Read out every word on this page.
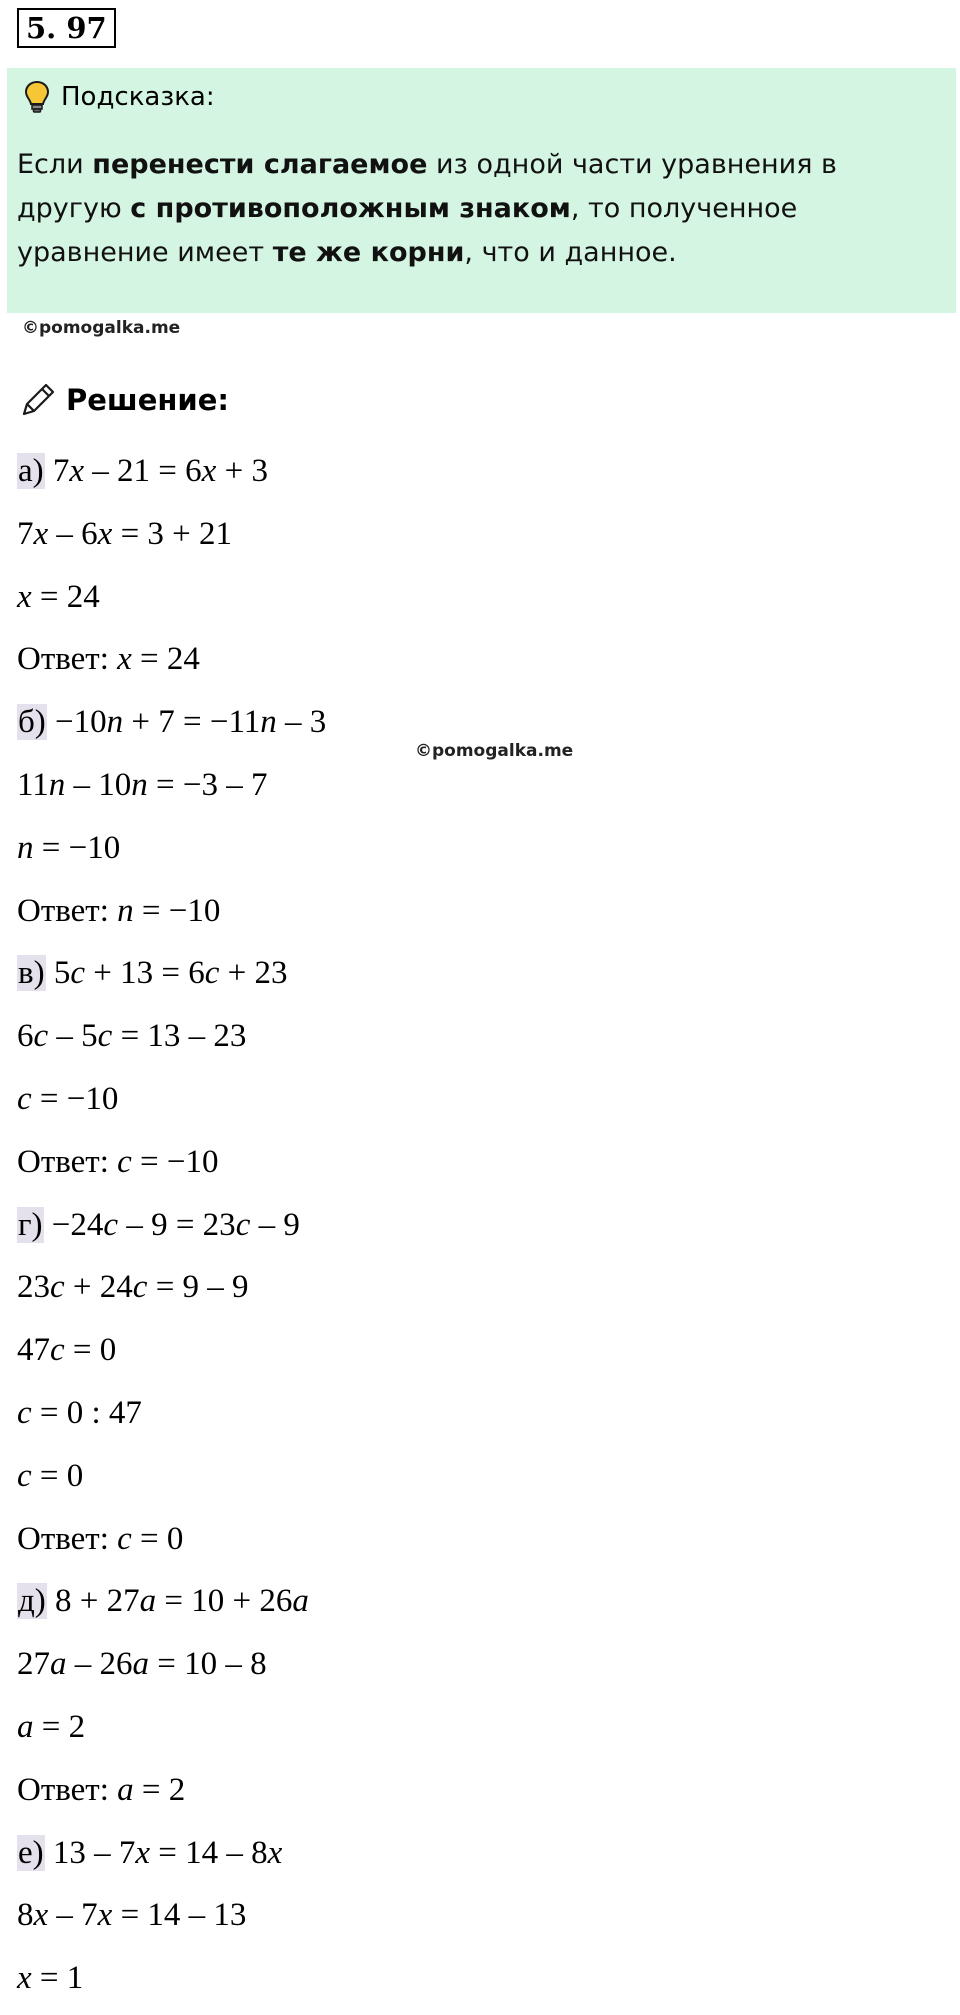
5. 97
Подсказка:
Если перенести слагаемое из одной части уравнения в другую с противоположным знаком, то полученное уравнение имеет те же корни, что и данное.
©pomogalka.me
©pomogalka.me
Решение:
а) 7x – 21 = 6x + 3
7x – 6x = 3 + 21
x = 24
Ответ: x = 24
б) −10n + 7 = −11n – 3
11n – 10n = −3 – 7
n = −10
Ответ: n = −10
в) 5c + 13 = 6c + 23
6c – 5c = 13 – 23
c = −10
Ответ: c = −10
г) −24c – 9 = 23c – 9
23c + 24c = 9 – 9
47c = 0
c = 0 : 47
c = 0
Ответ: c = 0
д) 8 + 27a = 10 + 26a
27a – 26a = 10 – 8
a = 2
Ответ: a = 2
е) 13 – 7x = 14 – 8x
8x – 7x = 14 – 13
x = 1
